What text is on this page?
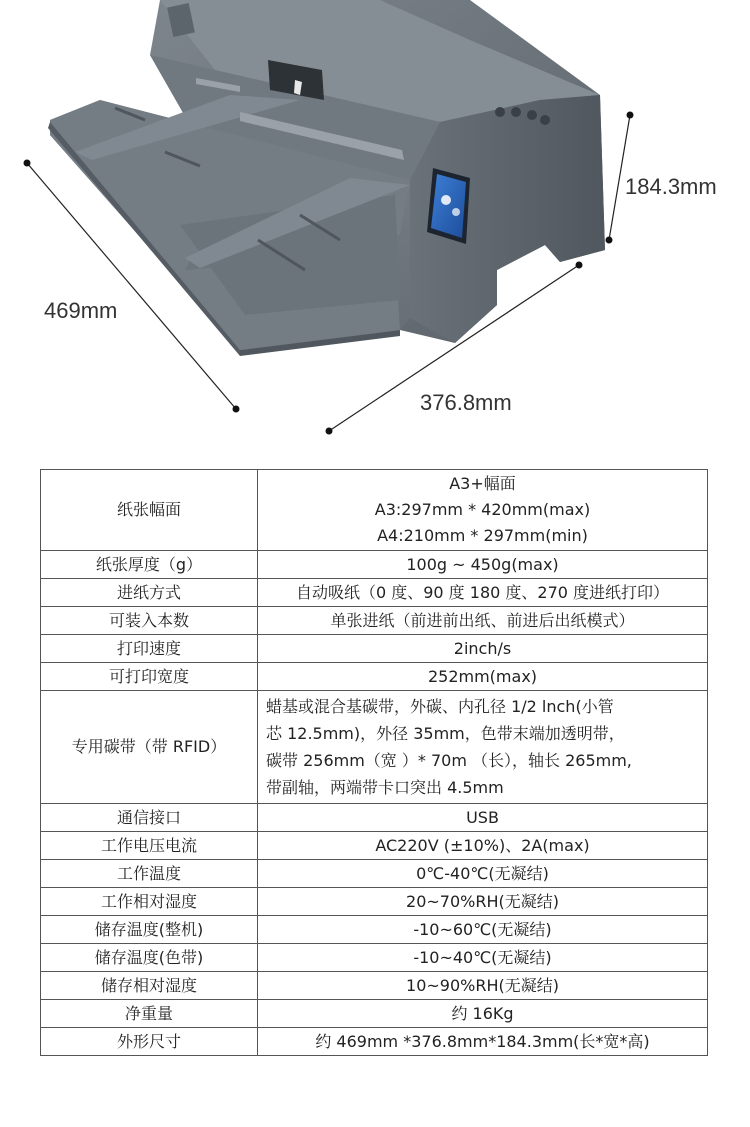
184.3mm
469mm
376.8mm
纸张幅面	A3+幅面
A3:297mm * 420mm(max)
A4:210mm * 297mm(min)

纸张厚度（g）	100g ~ 450g(max)
进纸方式	自动吸纸（0 度、90 度 180 度、270 度进纸打印）
可装入本数	单张进纸（前进前出纸、前进后出纸模式）
打印速度	2inch/s
可打印宽度	252mm(max)
专用碳带（带 RFID）	蜡基或混合基碳带，外碳、内孔径 1/2 lnch(小管
芯 12.5mm)，外径 35mm，色带末端加透明带，
碳带 256mm（宽 ）* 70m （长），轴长 265mm,
带副轴，两端带卡口突出 4.5mm

通信接口	USB
工作电压电流	AC220V (±10%)、2A(max)
工作温度	0℃-40℃(无凝结)
工作相对湿度	20~70%RH(无凝结)
储存温度(整机)	-10~60℃(无凝结)
储存温度(色带)	-10~40℃(无凝结)
储存相对湿度	10~90%RH(无凝结)
净重量	约 16Kg
外形尺寸	约 469mm *376.8mm*184.3mm(长*宽*高)
